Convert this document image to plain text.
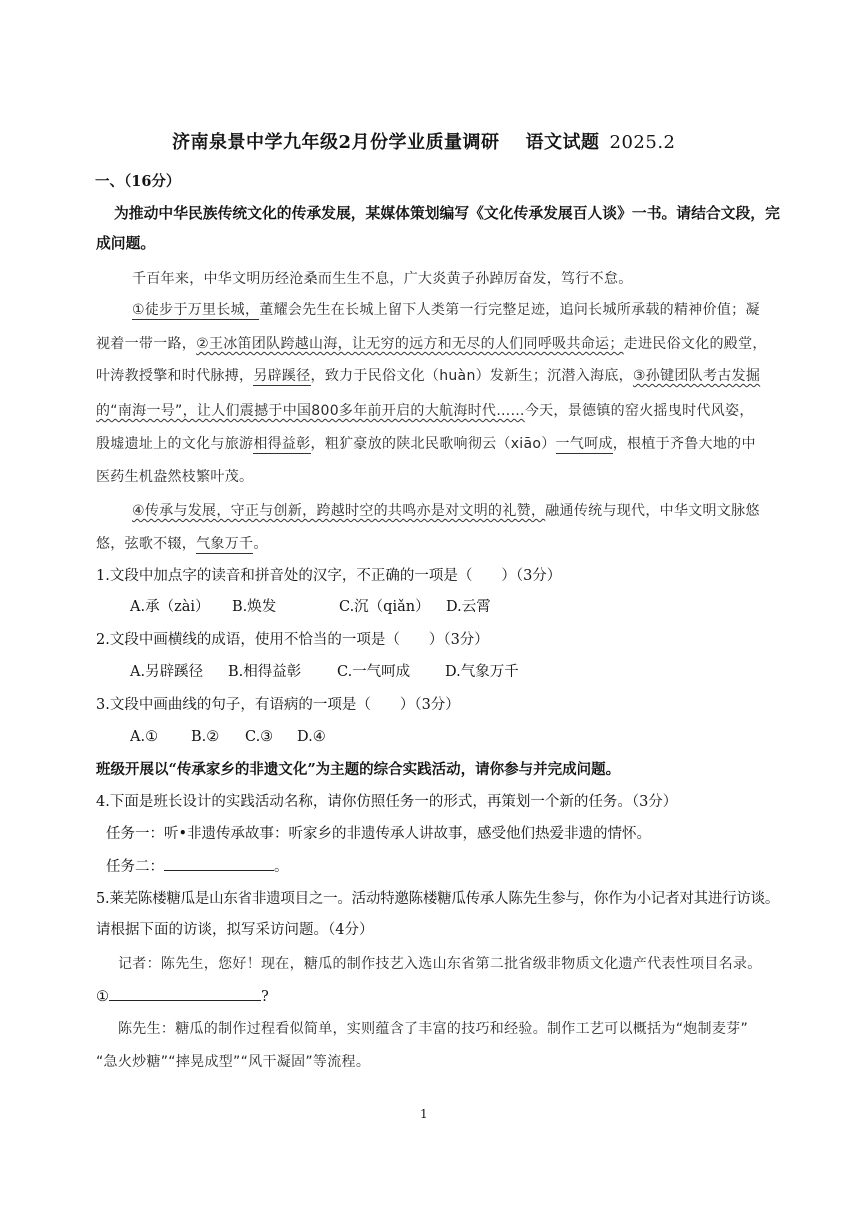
济南泉景中学九年级2月份学业质量调研 语文试题 2025.2
一、（16分）
为推动中华民族传统文化的传承发展，某媒体策划编写《文化传承发展百人谈》一书。请结合文段，完
成问题。
千百年来，中华文明历经沧桑而生生不息，广大炎黄子孙踔厉奋发，笃行不怠。
①徒步于万里长城，董耀会先生在长城上留下人类第一行完整足迹，追问长城所承载的精神价值；凝
视着一带一路，②王冰笛团队跨越山海，让无穷的远方和无尽的人们同呼吸共命运；走进民俗文化的殿堂，
叶涛教授擎和时代脉搏，另辟蹊径，致力于民俗文化（huàn）发新生；沉潜入海底，③孙键团队考古发掘
的“南海一号”，让人们震撼于中国800多年前开启的大航海时代……今天，景德镇的窑火摇曳时代风姿，
殷墟遗址上的文化与旅游相得益彰，粗犷豪放的陕北民歌响彻云（xiāo）一气呵成，根植于齐鲁大地的中
医药生机盎然枝繁叶茂。
④传承与发展，守正与创新，跨越时空的共鸣亦是对文明的礼赞，融通传统与现代，中华文明文脉悠
悠，弦歌不辍，气象万千。
1.文段中加点字的读音和拼音处的汉字，不正确的一项是（　　）（3分）
A.承（zài） B.焕发	C.沉（qiǎn） D.云霄
2.文段中画横线的成语，使用不恰当的一项是（　　）（3分）
A.另辟蹊径 B.相得益彰 C.一气呵成 D.气象万千
3.文段中画曲线的句子，有语病的一项是（　　）（3分）
A.① B.② C.③ D.④
班级开展以“传承家乡的非遗文化”为主题的综合实践活动，请你参与并完成问题。
4.下面是班长设计的实践活动名称，请你仿照任务一的形式，再策划一个新的任务。（3分）
任务一：听•非遗传承故事：听家乡的非遗传承人讲故事，感受他们热爱非遗的情怀。
任务二：	。
5.莱芜陈楼糖瓜是山东省非遗项目之一。活动特邀陈楼糖瓜传承人陈先生参与，你作为小记者对其进行访谈。
请根据下面的访谈，拟写采访问题。（4分）
记者：陈先生，您好！现在，糖瓜的制作技艺入选山东省第二批省级非物质文化遗产代表性项目名录。
①	?
陈先生：糖瓜的制作过程看似简单，实则蕴含了丰富的技巧和经验。制作工艺可以概括为“炮制麦芽”
“急火炒糖”“摔晃成型”“风干凝固”等流程。
1
